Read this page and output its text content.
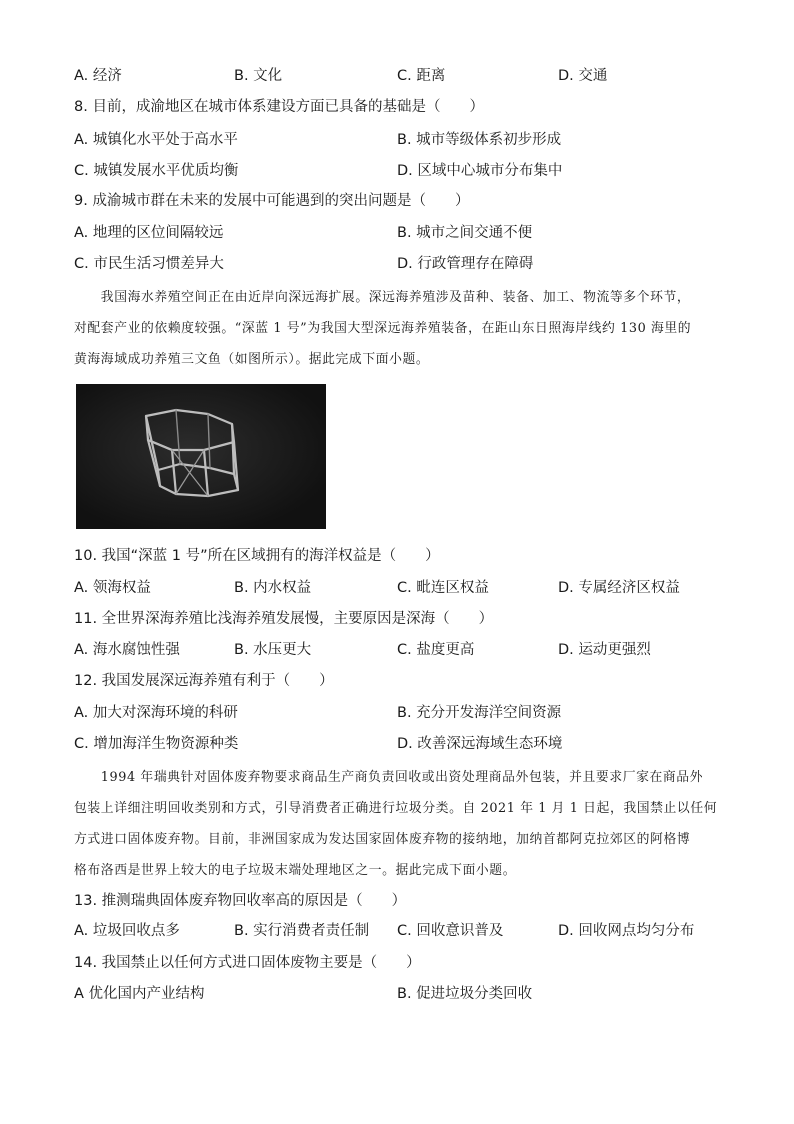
A. 经济	B. 文化	C. 距离	D. 交通
8. 目前，成渝地区在城市体系建设方面已具备的基础是（　　）
A. 城镇化水平处于高水平	B. 城市等级体系初步形成
C. 城镇发展水平优质均衡	D. 区域中心城市分布集中
9. 成渝城市群在未来的发展中可能遇到的突出问题是（　　）
A. 地理的区位间隔较远	B. 城市之间交通不便
C. 市民生活习惯差异大	D. 行政管理存在障碍
　　我国海水养殖空间正在由近岸向深远海扩展。深远海养殖涉及苗种、装备、加工、物流等多个环节，
对配套产业的依赖度较强。“深蓝 1 号”为我国大型深远海养殖装备，在距山东日照海岸线约 130 海里的
黄海海域成功养殖三文鱼（如图所示）。据此完成下面小题。
10. 我国“深蓝 1 号”所在区域拥有的海洋权益是（　　）
A. 领海权益	B. 内水权益	C. 毗连区权益	D. 专属经济区权益
11. 全世界深海养殖比浅海养殖发展慢，主要原因是深海（　　）
A. 海水腐蚀性强	B. 水压更大	C. 盐度更高	D. 运动更强烈
12. 我国发展深远海养殖有利于（　　）
A. 加大对深海环境的科研	B. 充分开发海洋空间资源
C. 增加海洋生物资源种类	D. 改善深远海域生态环境
　　1994 年瑞典针对固体废弃物要求商品生产商负责回收或出资处理商品外包装，并且要求厂家在商品外
包装上详细注明回收类别和方式，引导消费者正确进行垃圾分类。自 2021 年 1 月 1 日起，我国禁止以任何
方式进口固体废弃物。目前，非洲国家成为发达国家固体废弃物的接纳地，加纳首都阿克拉郊区的阿格博
格布洛西是世界上较大的电子垃圾末端处理地区之一。据此完成下面小题。
13. 推测瑞典固体废弃物回收率高的原因是（　　）
A. 垃圾回收点多	B. 实行消费者责任制 C. 回收意识普及	D. 回收网点均匀分布
14. 我国禁止以任何方式进口固体废物主要是（　　）
A 优化国内产业结构	B. 促进垃圾分类回收
